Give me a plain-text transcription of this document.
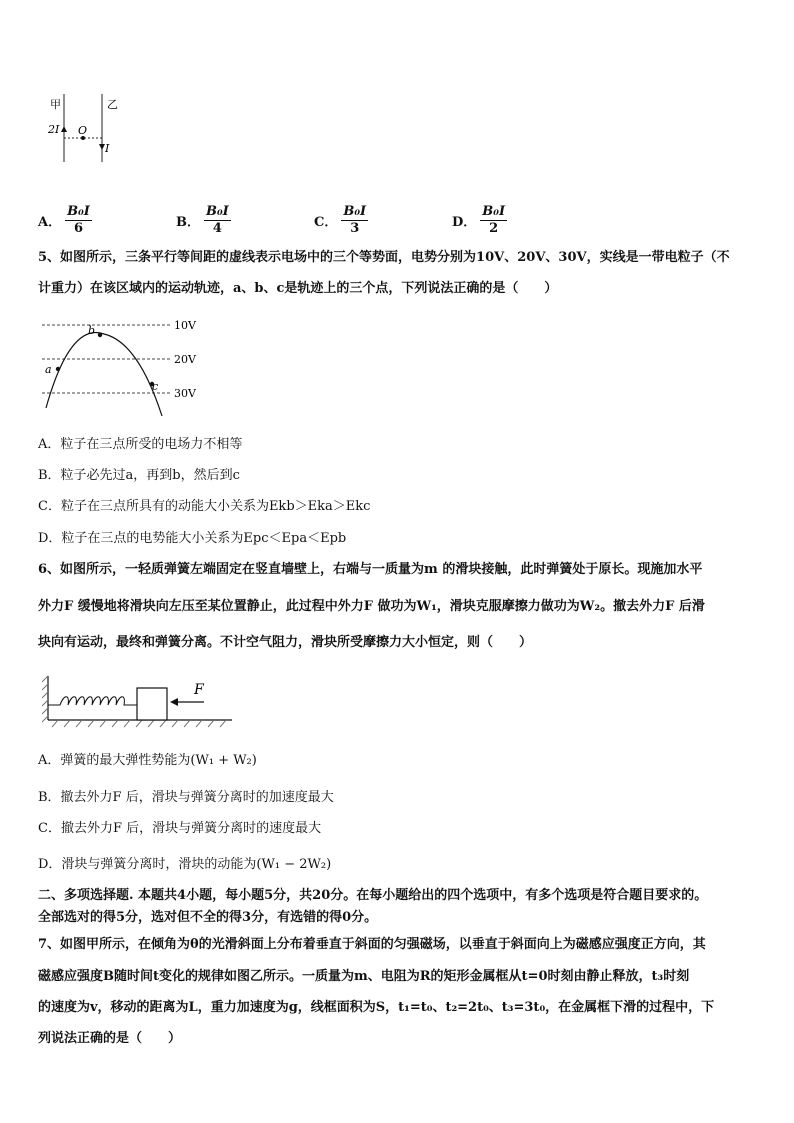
甲	乙
2I O
I
A． $\frac{\text{B₀I}}{6}$	B． $\frac{\text{B₀I}}{4}$	C． $\frac{\text{B₀I}}{3}$	D． $\frac{\text{B₀I}}{2}$
5、如图所示，三条平行等间距的虚线表示电场中的三个等势面，电势分别为10V、20V、30V，实线是一带电粒子（不
计重力）在该区域内的运动轨迹，a、b、c是轨迹上的三个点，下列说法正确的是（　　）
a
b
c
10V
20V
30V
A．粒子在三点所受的电场力不相等
B．粒子必先过a，再到b，然后到c
C．粒子在三点所具有的动能大小关系为Ekb＞Eka＞Ekc
D．粒子在三点的电势能大小关系为Epc＜Epa＜Epb
6、如图所示，一轻质弹簧左端固定在竖直墙壁上，右端与一质量为m 的滑块接触，此时弹簧处于原长。现施加水平
外力F 缓慢地将滑块向左压至某位置静止，此过程中外力F 做功为W₁，滑块克服摩擦力做功为W₂。撤去外力F 后滑
块向有运动，最终和弹簧分离。不计空气阻力，滑块所受摩擦力大小恒定，则（　　）
F
A．弹簧的最大弹性势能为(W₁ + W₂)
B．撤去外力F 后，滑块与弹簧分离时的加速度最大
C．撤去外力F 后，滑块与弹簧分离时的速度最大
D．滑块与弹簧分离时，滑块的动能为(W₁ − 2W₂)
二、多项选择题. 本题共4小题，每小题5分，共20分。在每小题给出的四个选项中，有多个选项是符合题目要求的。
全部选对的得5分，选对但不全的得3分，有选错的得0分。
7、如图甲所示，在倾角为θ的光滑斜面上分布着垂直于斜面的匀强磁场，以垂直于斜面向上为磁感应强度正方向，其
磁感应强度B随时间t变化的规律如图乙所示。一质量为m、电阻为R的矩形金属框从t=0时刻由静止释放，t₃时刻
的速度为v，移动的距离为L，重力加速度为g，线框面积为S，t₁=t₀、t₂=2t₀、t₃=3t₀，在金属框下滑的过程中，下
列说法正确的是（　　）
